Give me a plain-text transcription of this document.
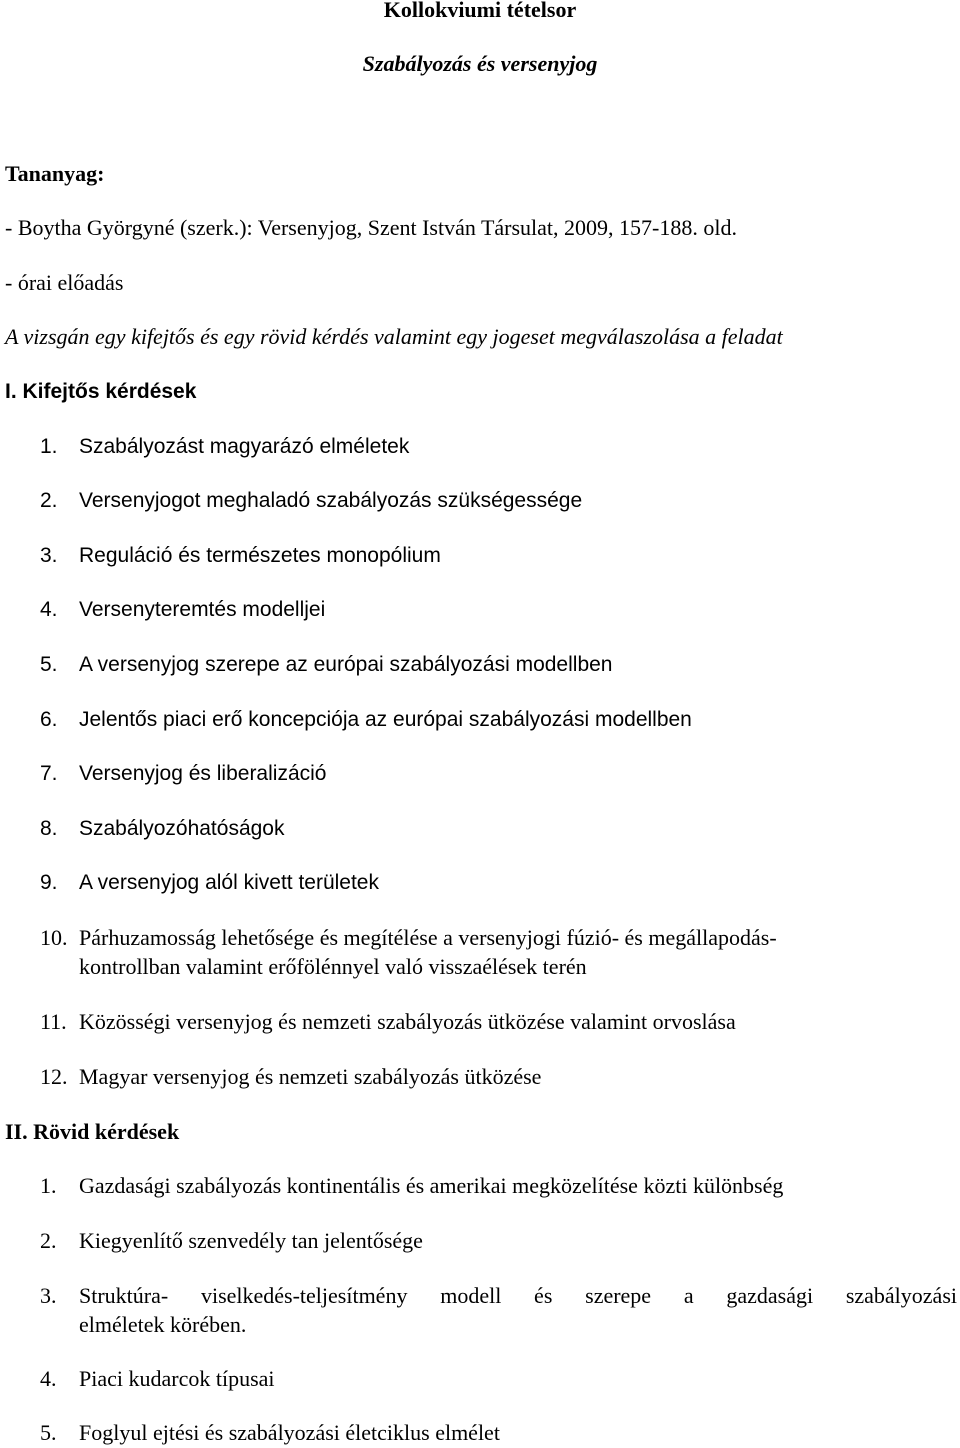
Kollokviumi tételsor
Szabályozás és versenyjog
Tananyag:
- Boytha Györgyné (szerk.): Versenyjog, Szent István Társulat, 2009, 157-188. old.
- órai előadás
A vizsgán egy kifejtős és egy rövid kérdés valamint egy jogeset megválaszolása a feladat
I. Kifejtős kérdések
1. Szabályozást magyarázó elméletek
2. Versenyjogot meghaladó szabályozás szükségessége
3. Reguláció és természetes monopólium
4. Versenyteremtés modelljei
5. A versenyjog szerepe az európai szabályozási modellben
6. Jelentős piaci erő koncepciója az európai szabályozási modellben
7. Versenyjog és liberalizáció
8. Szabályozóhatóságok
9. A versenyjog alól kivett területek
10. Párhuzamosság lehetősége és megítélése a versenyjogi fúzió- és megállapodás-
kontrollban valamint erőfölénnyel való visszaélések terén
11. Közösségi versenyjog és nemzeti szabályozás ütközése valamint orvoslása
12. Magyar versenyjog és nemzeti szabályozás ütközése
II. Rövid kérdések
1. Gazdasági szabályozás kontinentális és amerikai megközelítése közti különbség
2. Kiegyenlítő szenvedély tan jelentősége
3. Struktúra- viselkedés-teljesítmény modell és szerepe a gazdasági szabályozási
elméletek körében.
4. Piaci kudarcok típusai
5. Foglyul ejtési és szabályozási életciklus elmélet
